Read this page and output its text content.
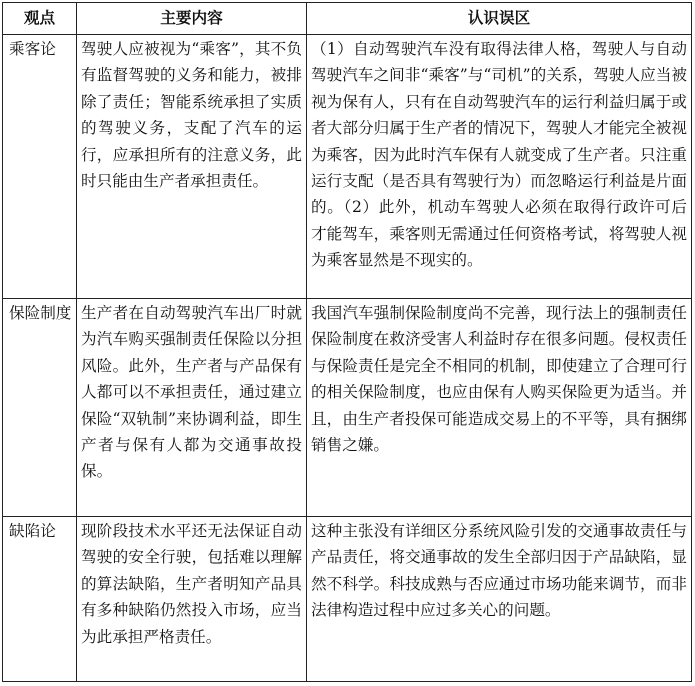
观点	主要内容	认识误区
乘客论	驾驶人应被视为“乘客”，其不负有监督驾驶的义务和能力，被排除了责任；智能系统承担了实质的驾驶义务，支配了汽车的运行，应承担所有的注意义务，此时只能由生产者承担责任。	（1）自动驾驶汽车没有取得法律人格，驾驶人与自动驾驶汽车之间非“乘客”与“司机”的关系，驾驶人应当被视为保有人，只有在自动驾驶汽车的运行利益归属于或者大部分归属于生产者的情况下，驾驶人才能完全被视为乘客，因为此时汽车保有人就变成了生产者。只注重运行支配（是否具有驾驶行为）而忽略运行利益是片面的。（2）此外，机动车驾驶人必须在取得行政许可后才能驾车，乘客则无需通过任何资格考试，将驾驶人视为乘客显然是不现实的。
保险制度	生产者在自动驾驶汽车出厂时就为汽车购买强制责任保险以分担风险。此外，生产者与产品保有人都可以不承担责任，通过建立保险“双轨制”来协调利益，即生产者与保有人都为交通事故投保。	我国汽车强制保险制度尚不完善，现行法上的强制责任保险制度在救济受害人利益时存在很多问题。侵权责任与保险责任是完全不相同的机制，即使建立了合理可行的相关保险制度，也应由保有人购买保险更为适当。并且，由生产者投保可能造成交易上的不平等，具有捆绑销售之嫌。
缺陷论	现阶段技术水平还无法保证自动驾驶的安全行驶，包括难以理解的算法缺陷，生产者明知产品具有多种缺陷仍然投入市场，应当为此承担严格责任。	这种主张没有详细区分系统风险引发的交通事故责任与产品责任，将交通事故的发生全部归因于产品缺陷，显然不科学。科技成熟与否应通过市场功能来调节，而非法律构造过程中应过多关心的问题。
